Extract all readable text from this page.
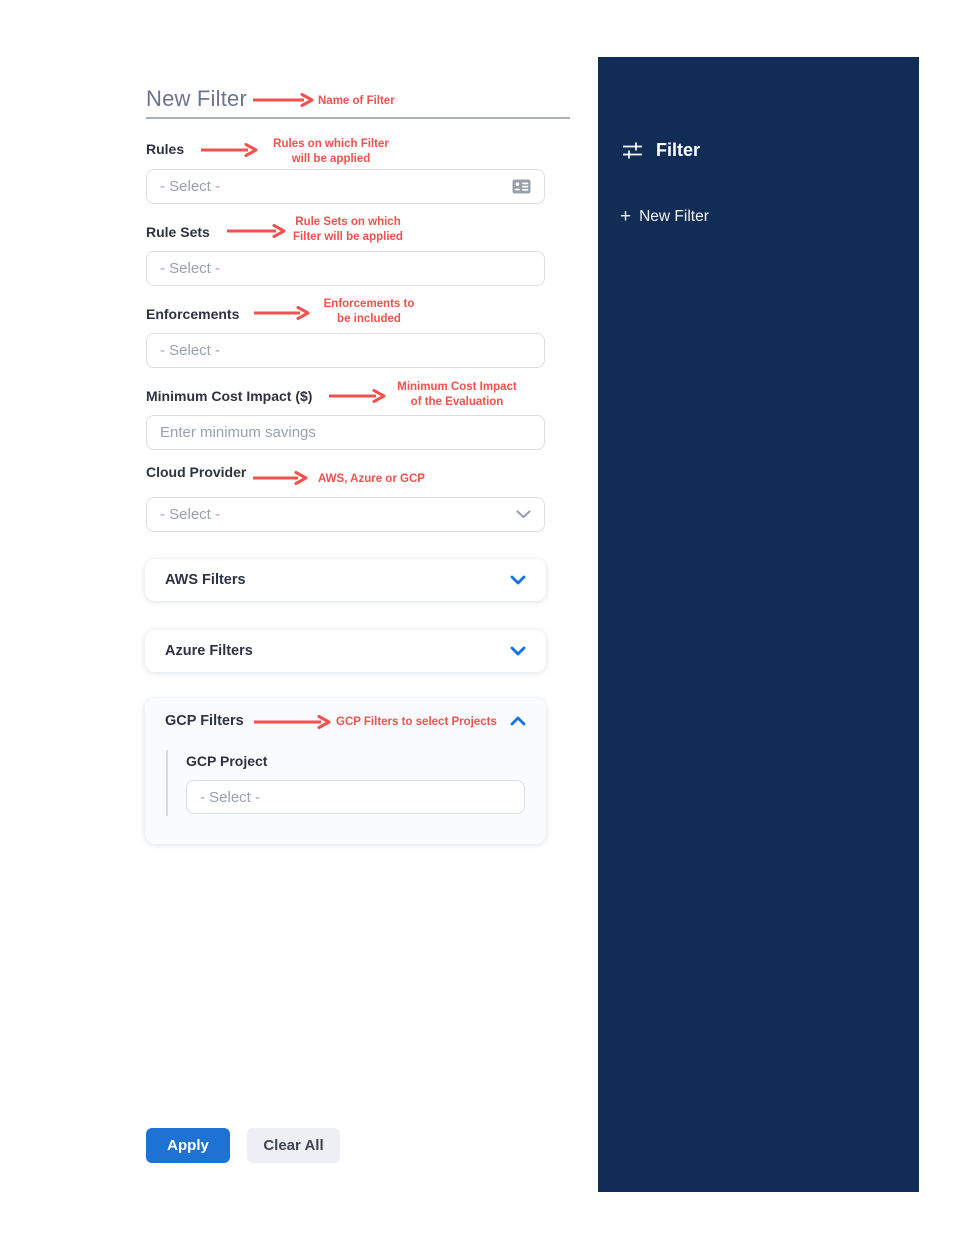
New Filter	Name of Filter
Rules	Rules on which Filter
will be applied
- Select -
Rule Sets
Rule Sets on which
Filter will be applied
- Select -
Enforcements
Enforcements to
be included
- Select -
Minimum Cost Impact ($)
Minimum Cost Impact
of the Evaluation
Enter minimum savings
Cloud Provider	AWS, Azure or GCP
- Select -
AWS Filters
Azure Filters
GCP Filters	GCP Filters to select Projects
GCP Project
- Select -
Apply	Clear All
Filter
+ New Filter
